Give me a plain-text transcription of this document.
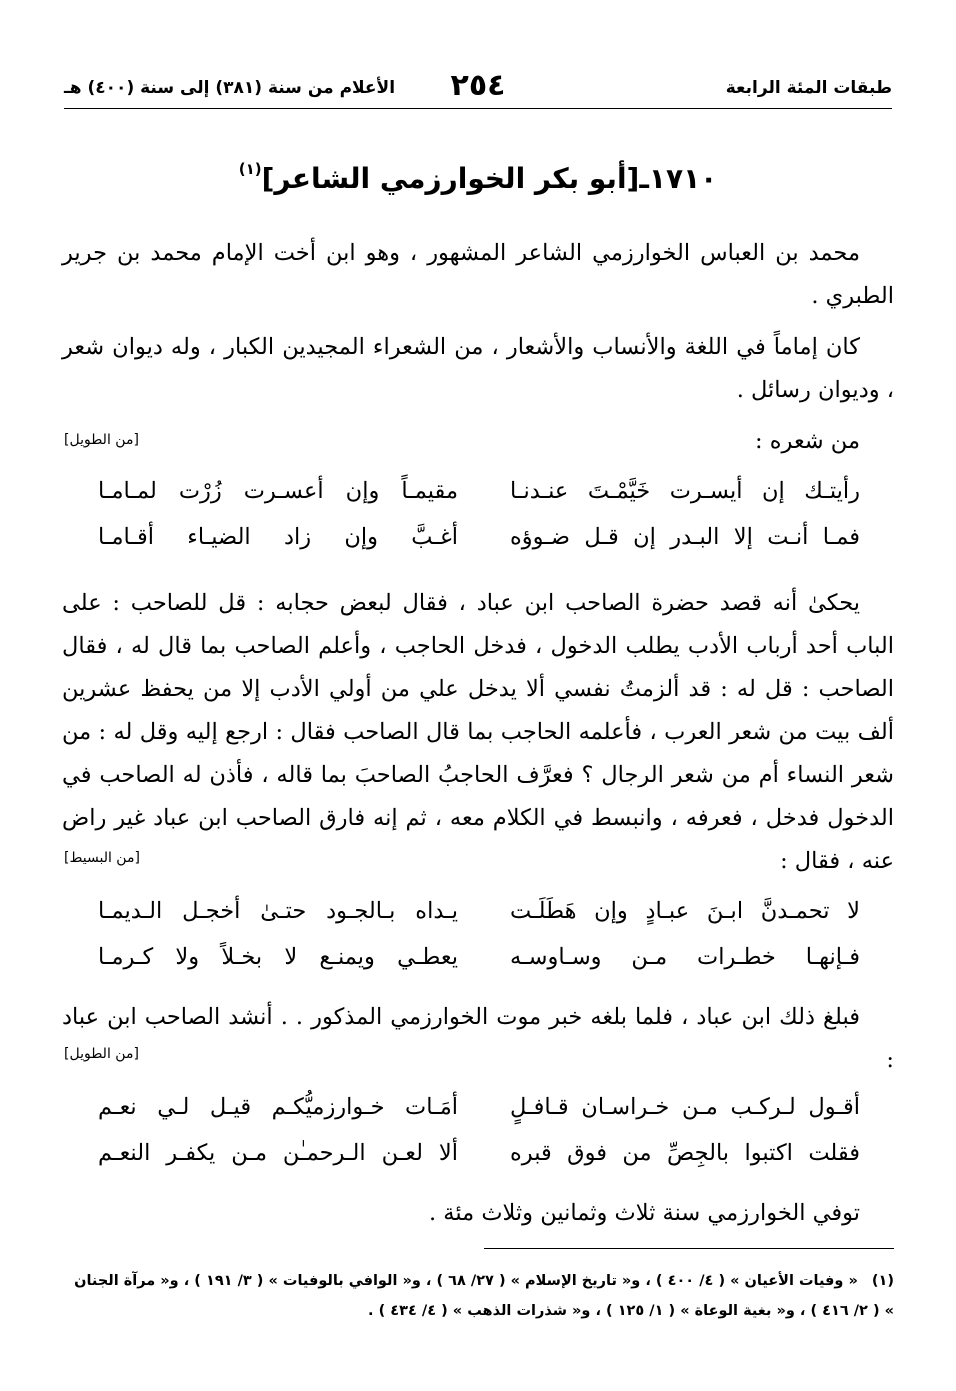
طبقات المئة الرابعة
٢٥٤
الأعلام من سنة (٣٨١) إلى سنة (٤٠٠) هـ
١٧١٠ـ[أبو بكر الخوارزمي الشاعر]$^{(١)}$
محمد بن العباس الخوارزمي الشاعر المشهور ، وهو ابن أخت الإمام محمد بن جرير الطبري .
كان إماماً في اللغة والأنساب والأشعار ، من الشعراء المجيدين الكبار ، وله ديوان شعر ، وديوان رسائل .
من شعره :
[من الطويل]
رأيتـك إن أيسـرت خَيَّمْـتَ عنـدنـا
مقيمـاً وإن أعسـرت زُرْت لمـامـا
فمـا أنـت إلا البـدر إن قـل ضـوؤه
أغـبَّ وإن زاد الضيـاء أقـامـا
يحكىٰ أنه قصد حضرة الصاحب ابن عباد ، فقال لبعض حجابه : قل للصاحب : على الباب أحد أرباب الأدب يطلب الدخول ، فدخل الحاجب ، وأعلم الصاحب بما قال له ، فقال الصاحب : قل له : قد ألزمتُ نفسي ألا يدخل علي من أولي الأدب إلا من يحفظ عشرين ألف بيت من شعر العرب ، فأعلمه الحاجب بما قال الصاحب فقال : ارجع إليه وقل له : من شعر النساء أم من شعر الرجال ؟ فعرَّف الحاجبُ الصاحبَ بما قاله ، فأذن له الصاحب في الدخول فدخل ، فعرفه ، وانبسط في الكلام معه ، ثم إنه فارق الصاحب ابن عباد غير راض عنه ، فقال :
[من البسيط]
لا تحمـدنَّ ابـنَ عبـادٍ وإن هَطَلَـت
يـداه بـالجـود حتـىٰ أخجـل الـديمـا
فـإنهـا خطـرات مـن وسـاوسـه
يعطـي ويمنـع لا بخـلاً ولا كـرمـا
فبلغ ذلك ابن عباد ، فلما بلغه خبر موت الخوارزمي المذكور . . أنشد الصاحب ابن عباد :
[من الطويل]
أقـول لـركـب مـن خـراسـان قـافـلٍ
أمَـات خـوارزميُّكـم قيـل لـي نعـم
فقلت اكتبوا بالجِصِّ من فوق قبره
ألا لعـن الـرحمـٰن مـن يكفـر النعـم
توفي الخوارزمي سنة ثلاث وثمانين وثلاث مئة .
(١)« وفيات الأعيان » ( ٤/ ٤٠٠ ) ، و« تاريخ الإسلام » ( ٢٧/ ٦٨ ) ، و« الوافي بالوفيات » ( ٣/ ١٩١ ) ، و« مرآة الجنان » ( ٢/ ٤١٦ ) ، و« بغية الوعاة » ( ١/ ١٢٥ ) ، و« شذرات الذهب » ( ٤/ ٤٣٤ ) .
